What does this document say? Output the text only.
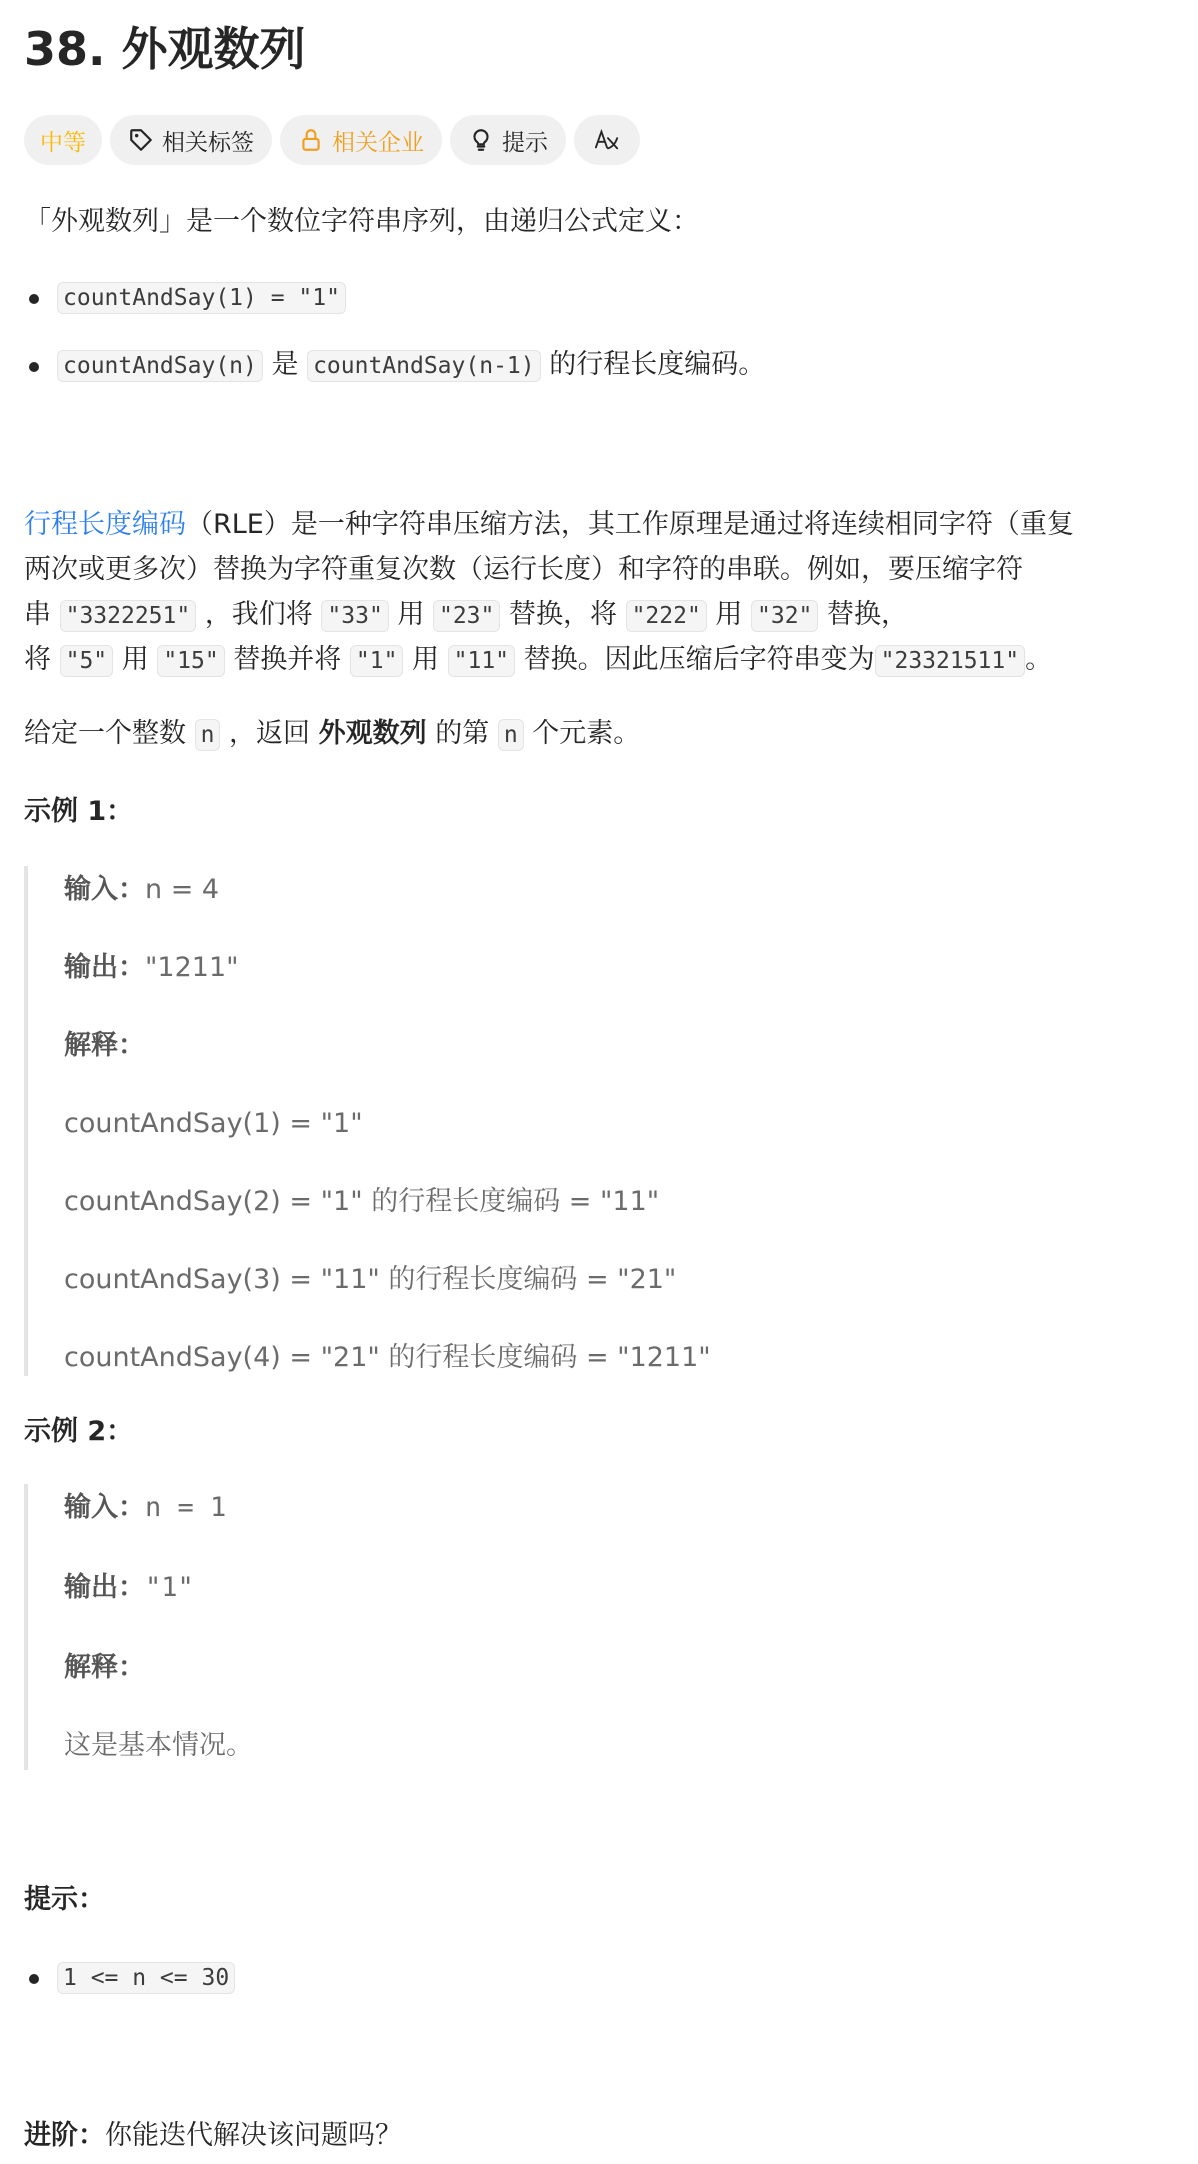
38. 外观数列
中等	相关标签	相关企业	提示

「外观数列」是一个数位字符串序列，由递归公式定义：

countAndSay(1) = "1"
countAndSay(n) 是 countAndSay(n-1) 的行程长度编码。

行程长度编码（RLE）是一种字符串压缩方法，其工作原理是通过将连续相同字符（重复

两次或更多次）替换为字符重复次数（运行长度）和字符的串联。例如，要压缩字符

串 "3322251" ，我们将 "33" 用 "23" 替换，将 "222" 用 "32" 替换，

将 "5" 用 "15" 替换并将 "1" 用 "11" 替换。因此压缩后字符串变为 "23321511" 。

给定一个整数 n ，返回 外观数列 的第 n 个元素。

示例 1：
输入：n = 4
输出："1211"
解释：
countAndSay(1) = "1"
countAndSay(2) = "1" 的行程长度编码 = "11"
countAndSay(3) = "11" 的行程长度编码 = "21"
countAndSay(4) = "21" 的行程长度编码 = "1211"
示例 2：
输入：n = 1
输出："1"
解释：
这是基本情况。
提示：
1 <= n <= 30

进阶：你能迭代解决该问题吗？
